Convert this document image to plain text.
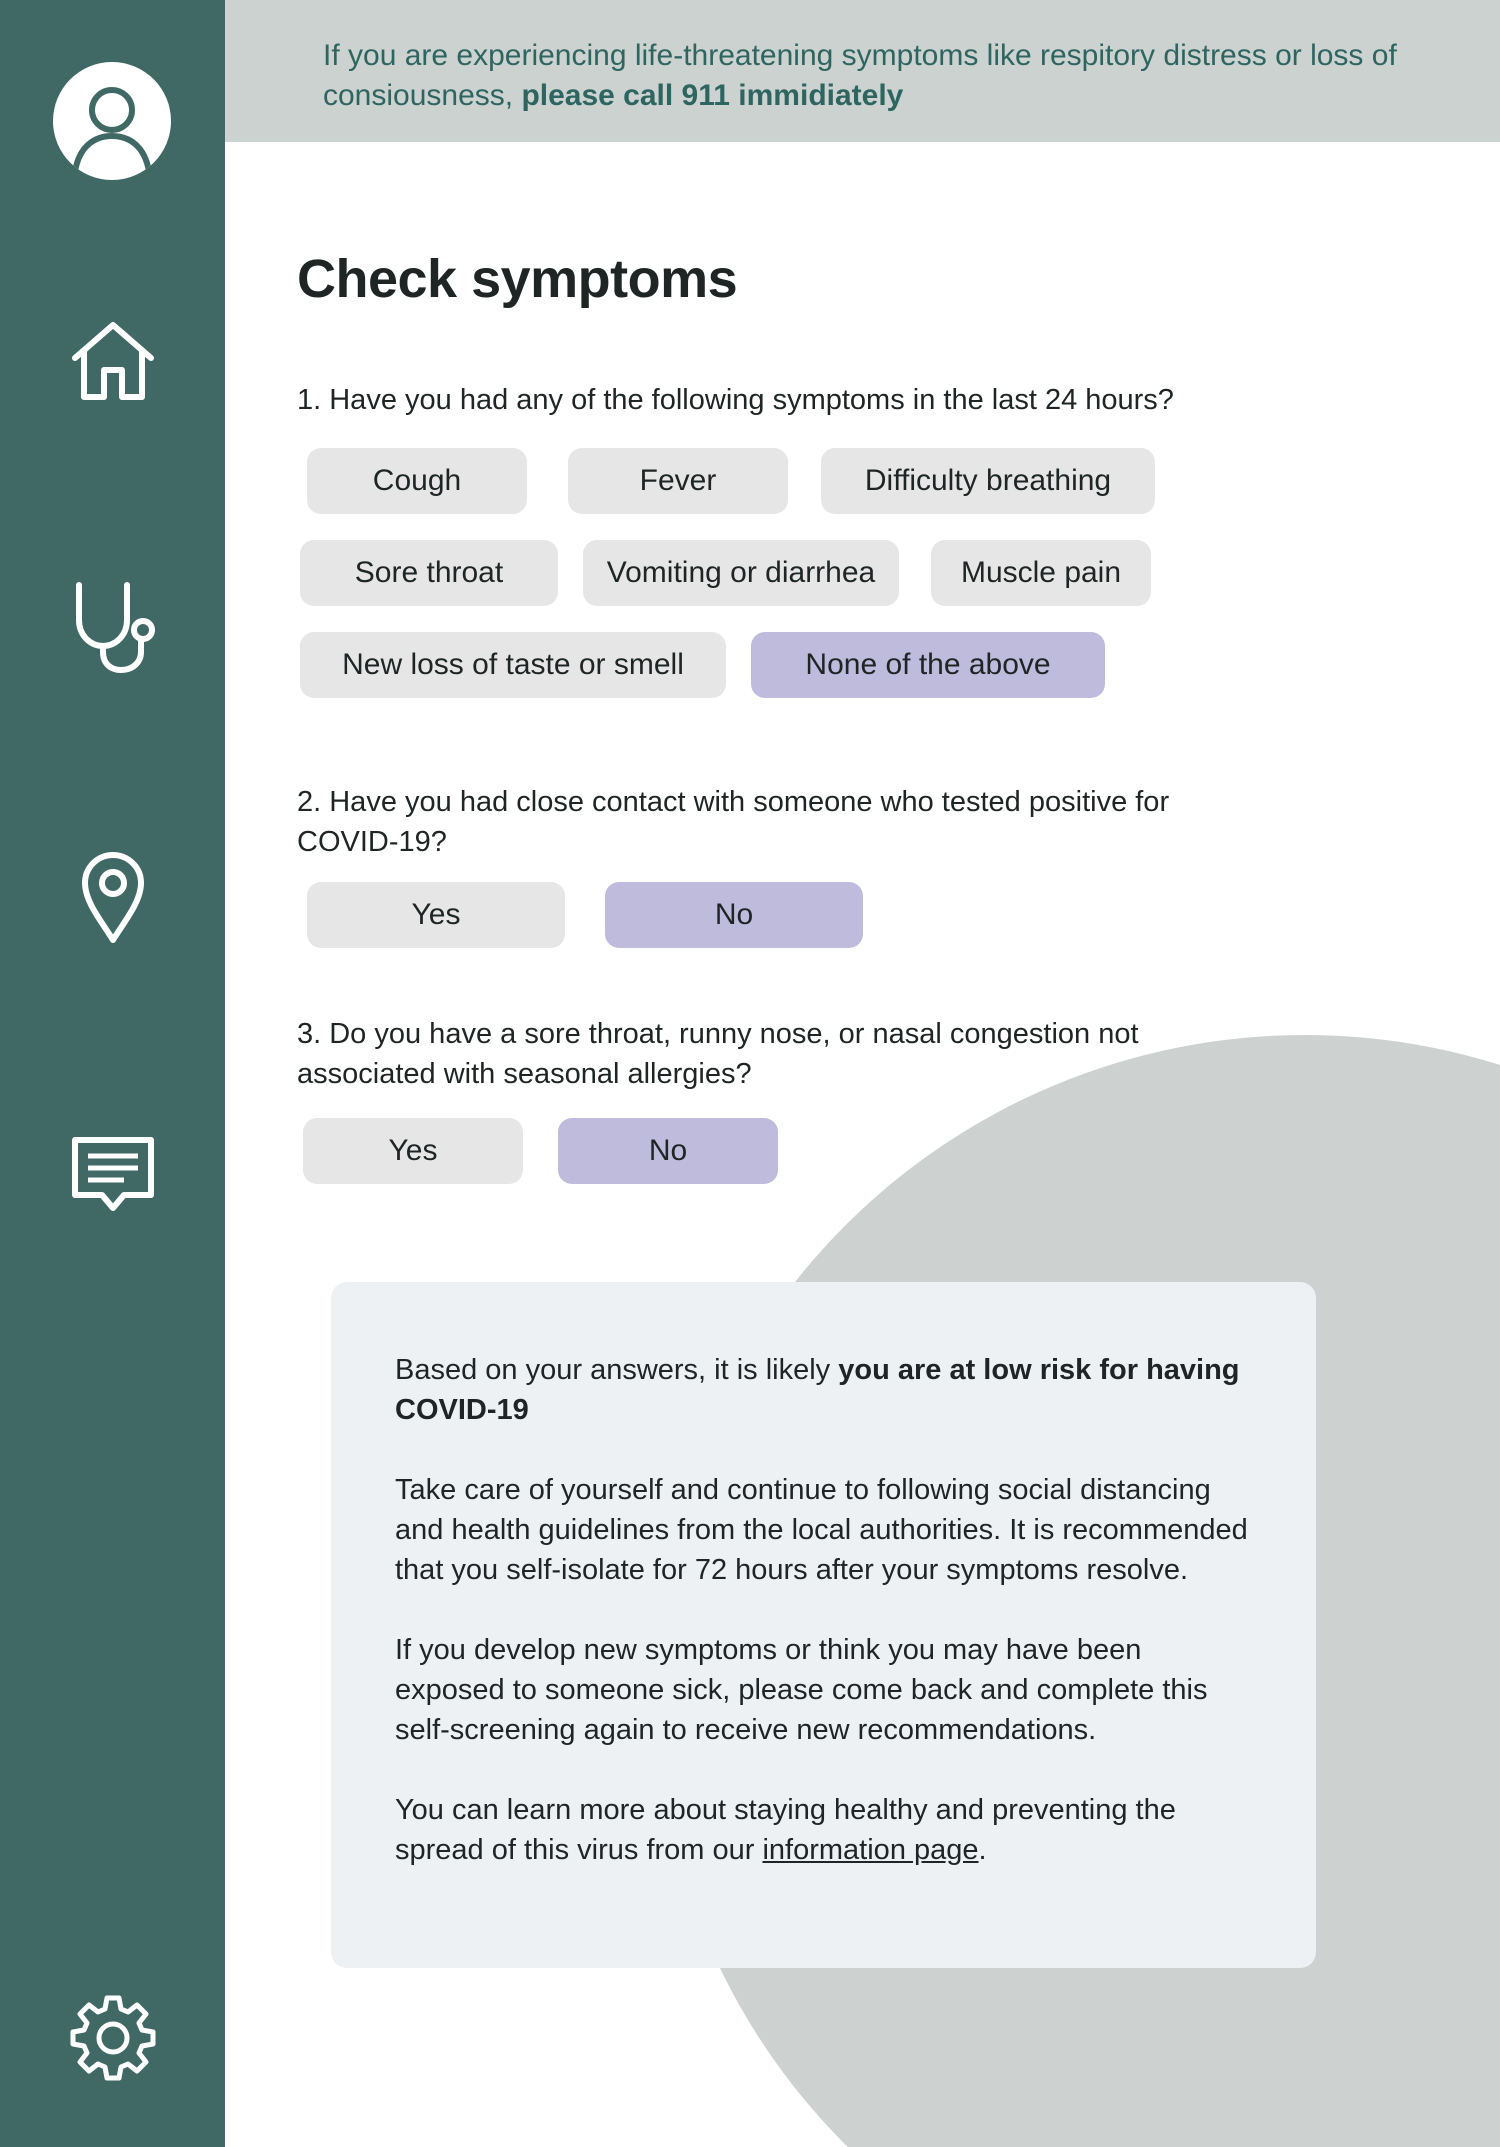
If you are experiencing life-threatening symptoms like respitory distress or loss of consiousness, please call 911 immidiately
Check symptoms
1. Have you had any of the following symptoms in the last 24 hours?
Cough	Fever	Difficulty breathing
Sore throat	Vomiting or diarrhea	Muscle pain
New loss of taste or smell	None of the above
2. Have you had close contact with someone who tested positive for COVID-19?
Yes	No
3. Do you have a sore throat, runny nose, or nasal congestion not associated with seasonal allergies?
Yes	No

Based on your answers, it is likely you are at low risk for having COVID-19

Take care of yourself and continue to following social distancing and health guidelines from the local authorities. It is recommended that you self-isolate for 72 hours after your symptoms resolve.

If you develop new symptoms or think you may have been exposed to someone sick, please come back and complete this self-screening again to receive new recommendations.

You can learn more about staying healthy and preventing the spread of this virus from our information page.
